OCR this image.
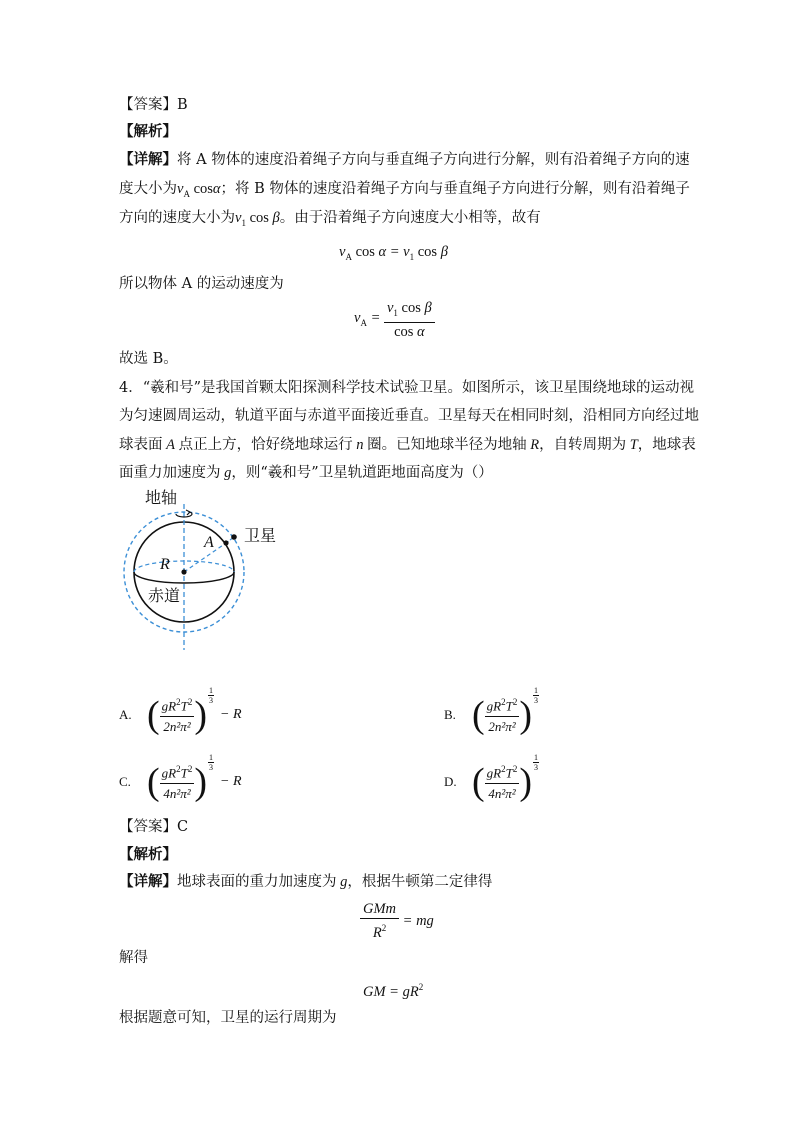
【答案】B
【解析】
【详解】将 A 物体的速度沿着绳子方向与垂直绳子方向进行分解，则有沿着绳子方向的速
度大小为$v_A$ cosα；将 B 物体的速度沿着绳子方向与垂直绳子方向进行分解，则有沿着绳子
方向的速度大小为$v_1$ cos β。由于沿着绳子方向速度大小相等，故有
$v_A$ $\cos \alpha = v_1$ cos β
所以物体 A 的运动速度为
$v_A = \frac{v_1 \cos \beta}{\text{cos α}}$
故选 B。
4．“羲和号”是我国首颗太阳探测科学技术试验卫星。如图所示，该卫星围绕地球的运动视
为匀速圆周运动，轨道平面与赤道平面接近垂直。卫星每天在相同时刻，沿相同方向经过地
球表面 A 点正上方，恰好绕地球运行 n 圈。已知地球半径为地轴 R，自转周期为 T，地球表
面重力加速度为 g，则“羲和号”卫星轨道距地面高度为（）
地轴
卫星
赤道
A
R
A. ( $\frac{gR^2T^2}{\text{2n²π²}}$ )
1
3
− R	B. ( $\frac{gR^2T^2}{\text{2n²π²}}$ )
1
3
C. ( $\frac{gR^2T^2}{\text{4n²π²}}$ )
1
3
− R	D. ( $\frac{gR^2T^2}{\text{4n²π²}}$ )
1
3
【答案】C
【解析】
【详解】地球表面的重力加速度为 g，根据牛顿第二定律得
$\frac{\text{GMm}}{R^2}$ = mg
解得
GM = $gR^2$
根据题意可知，卫星的运行周期为
